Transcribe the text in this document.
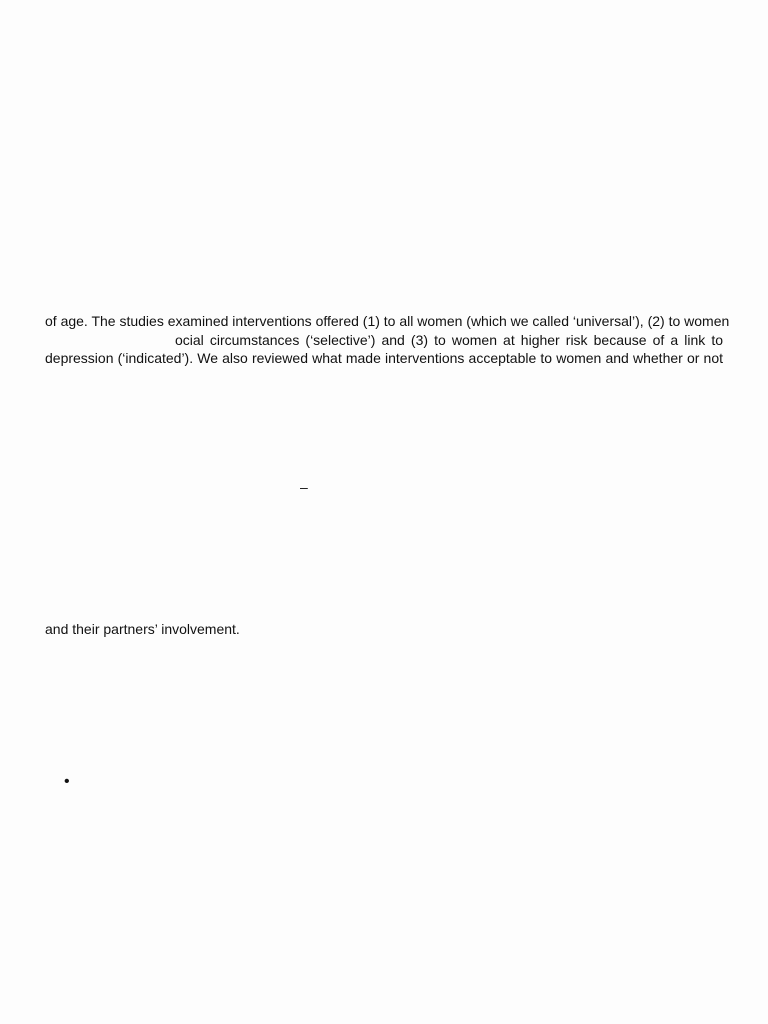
of age. The studies examined interventions offered (1) to all women (which we called ‘universal’), (2) to women
ocial circumstances (‘selective’) and (3) to women at higher risk because of a link to
depression (‘indicated’). We also reviewed what made interventions acceptable to women and whether or not
–
and their partners’ involvement.
•
